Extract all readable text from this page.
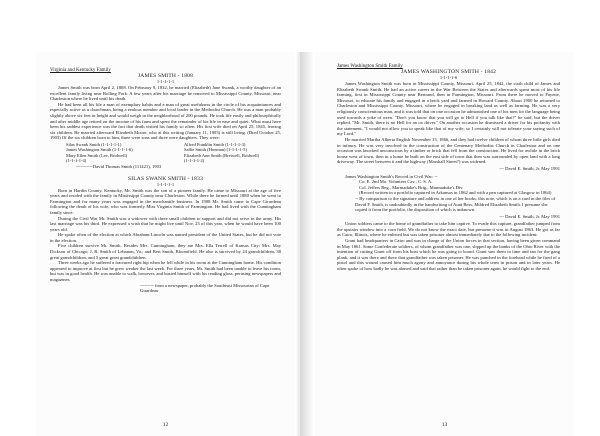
Virginia and Kentucky Family

JAMES SMITH - 1808

1-1-1-1-1

James Smith was born April 2, 1808. On February 9, 1832, he married (Elizabeth) Jane Swank, a worthy daughter of an excellent family living near Rolling Fork. A few years after his marriage he removed to Mississippi County, Missouri, near Charleston where he lived until his death.

He had been all his life a man of exemplary habits and a man of great usefulness in the circle of his acquaintances and especially active as a churchman, being a zealous member and local leader in the Methodist Church. He was a man probably slightly above six feet in height and would weigh in the neighborhood of 200 pounds. He took life easily and philosophically and after middle age retired on the income of his farm and spent the remainder of his life in ease and quiet. What must have been his saddest experience was the fact that death visited his family so often. His first wife died on April 25, 1845, leaving six children. He married afterward Elizabeth Moore, who at this writing (January 11, 1903) is still living. (Died October 25, 1903) Of the six children born to him, three were sons and three were daughters. They were:

Silas Swank Smith (1-1-1-1-1)	Alfred Franklin Smith (1-1-1-1-3)
James Washington Smith (1-1-1-1-6)	Sallie Smith (Hoeman) (1-1-1-1-5)
Mary Ellen Smith (Lee, Bridwell)	Elizabeth Ann Smith (Bretwell, Bridwell)
(1-1-1-1-4)	(1-1-1-1-2)

-----------David Thomas Smith (111421), 1903

SILAS SWANK SMITH - 1833

1-1-1-1-1

Born in Hardin County, Kentucky, Mr. Smith was the son of a pioneer family. He came to Missouri at the age of five years and resided with the family in Mississippi County near Charleston. While there he farmed until 1880 when he went to Farmington and for many years was engaged in the merchantile business. In 1908 Mr. Smith came to Cape Girardeau following the death of his wife, who was formerly Miss Virginia Smith of Farmington. He had lived with the Cunningham family since.

During the Civil War Mr. Smith was a widower with three small children to support and did not serve in the army. His last marriage was his third. He expressed a wish that he might live until Nov. 23 of this year, when he would have been 100 years old.

He spoke often of the election at which Abraham Lincoln was named president of the United States, but he did not vote in the election.

Five children survive Mr. Smith. Besides Mrs. Cunningham, they are Mrs. Ella Terrell of Kansas City; Mrs. May Dickson of Chicago; J. R. Smith of Lebanon, Va.; and Bert Smith, Bloomfield. He also is survived by 24 grandchildren, 38 great grandchildren, and 5 great great grandchildren.

Three weeks ago he suffered a fractured right hip when he fell while in his room at the Cunningham home. His condition appeared to improve at first but he grew weaker the last week. For three years, Mr. Smith had been unable to leave his room, but was in good health. He was unable to walk, however, and busied himself with his reading glass, perusing newspapers and magazines.

--------- from a newspaper, probably the Southeast Missourian of Cape Girardeau

12

James Washington Smith Family

JAMES WASHINGTON SMITH - 1842

1-1-1-1-6

James Washington Smith was born in Mississippi County, Missouri, April 25, 1842, the sixth child of James and Elizabeth Swank Smith. He had an active career in the War Between the States and afterwards spent most of his life farming, first in Mississippi County near Bertrand, then in Farmington, Missouri. From there he moved to Fayette, Missouri, to educate his family and engaged in a brick yard and farmed in Howard County. About 1900 he returned to Charleston and Mississippi County, Missouri, where he engaged in breaking land as well as farming. He was a very religiously conscientious man, and it was told that on one occasion he admonished one of his men for the language being used towards a yoke of oxen. "Don't you know that you will go to Hell if you talk like that?" he said, but the driver replied, "Mr. Smith, there is no Hell for an ox driver." On another occasion he dismissed a driver for his profanity with the statement, "I would not allow you to speak like that of my wife, so I certainly will not tolerate your saying such of my Lord."

He married Martha Alberta English November 15, 1866, and they had twelve children of whom three little girls died in infancy. He was very involved in the construction of the Centenary Methodist Church in Charleston and on one occasion was knocked unconscious by a timber or brick that fell from the construction. He lived for awhile in the brick house west of town, then in a home he built on the east side of town that then was surrounded by open land with a long driveway. The street between it and the highway (Marshall Street?) was widened.

--- David E. Smith, Jr. May 1991

James Washington Smith's Record in Civil War: --

Co. E. 2nd Mo. Volunteer Cav., C. S. A.

Col. Jeffers Reg., Marmaduke's Brig., Marmaduke's Div.

(Record written in a portfolio captured in Arkansas in 1862 and with a pen captured at Glasgow in 1864)

-- By comparison to the signature and address in one of her books, this note, which is on a card in the files of David F. Smith, is undoubtedly in the handwriting of Aunt Bess, Mildred Elizabeth Smith. I presume she copied it from the portfolio, the disposition of which is unknown.

--- David E. Smith, Jr. May 1991

Union soldiers came to the home of grandfather to take him captive. To evade this capture, grandfather jumped from the upstairs window into a corn field. We do not know the exact date, but presume it was in August 1863. He got as far as Cairo, Illinois, where he enlisted but was taken prisoner almost immediately due to the following incident:

Grant had headquarters in Cairo and was in charge of the Union forces in that section, having been given command in May 1861. Some Confederate soldiers, of whom grandfather was one, slipped up the banks of the Ohio River with the intention of cutting Grant off from his boat which he was going to board. Grant saw them in time and ran for the gang plank, and it was there and there that grandfather was taken prisoner. He was punched in the forehead while he fired of a pistol and this wound caused him much agony and annoyance during his whole term in prison and in later years. He often spoke of how badly he was abused and said that rather than be taken prisoner again, he would fight to the end.

13
